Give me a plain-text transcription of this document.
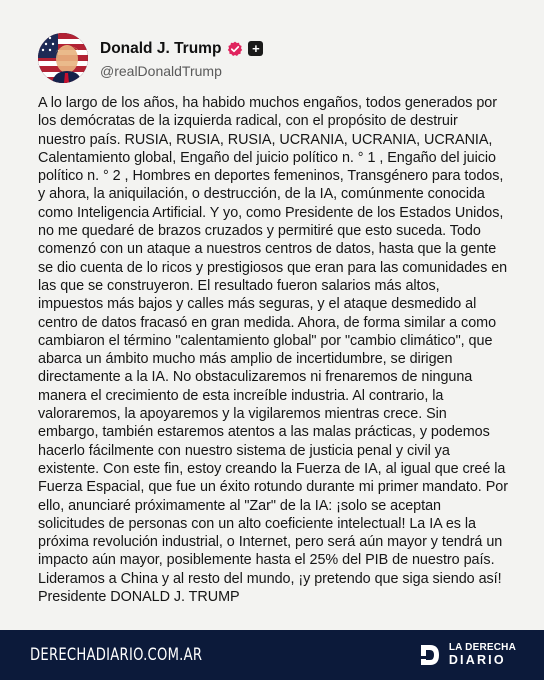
Donald J. Trump +
@realDonaldTrump
A lo largo de los años, ha habido muchos engaños, todos generados por los demócratas de la izquierda radical, con el propósito de destruir nuestro país. RUSIA, RUSIA, RUSIA, UCRANIA, UCRANIA, UCRANIA, Calentamiento global, Engaño del juicio político n. ° 1 , Engaño del juicio político n. ° 2 , Hombres en deportes femeninos, Transgénero para todos, y ahora, la aniquilación, o destrucción, de la IA, comúnmente conocida como Inteligencia Artificial. Y yo, como Presidente de los Estados Unidos, no me quedaré de brazos cruzados y permitiré que esto suceda. Todo comenzó con un ataque a nuestros centros de datos, hasta que la gente se dio cuenta de lo ricos y prestigiosos que eran para las comunidades en las que se construyeron. El resultado fueron salarios más altos, impuestos más bajos y calles más seguras, y el ataque desmedido al centro de datos fracasó en gran medida. Ahora, de forma similar a como cambiaron el término "calentamiento global" por "cambio climático", que abarca un ámbito mucho más amplio de incertidumbre, se dirigen directamente a la IA. No obstaculizaremos ni frenaremos de ninguna manera el crecimiento de esta increíble industria. Al contrario, la valoraremos, la apoyaremos y la vigilaremos mientras crece. Sin embargo, también estaremos atentos a las malas prácticas, y podemos hacerlo fácilmente con nuestro sistema de justicia penal y civil ya existente. Con este fin, estoy creando la Fuerza de IA, al igual que creé la Fuerza Espacial, que fue un éxito rotundo durante mi primer mandato. Por ello, anunciaré próximamente al "Zar" de la IA: ¡solo se aceptan solicitudes de personas con un alto coeficiente intelectual! La IA es la próxima revolución industrial, o Internet, pero será aún mayor y tendrá un impacto aún mayor, posiblemente hasta el 25% del PIB de nuestro país. Lideramos a China y al resto del mundo, ¡y pretendo que siga siendo así! Presidente DONALD J. TRUMP
DERECHADIARIO.COM.AR	LA DERECHA
DIARIO
